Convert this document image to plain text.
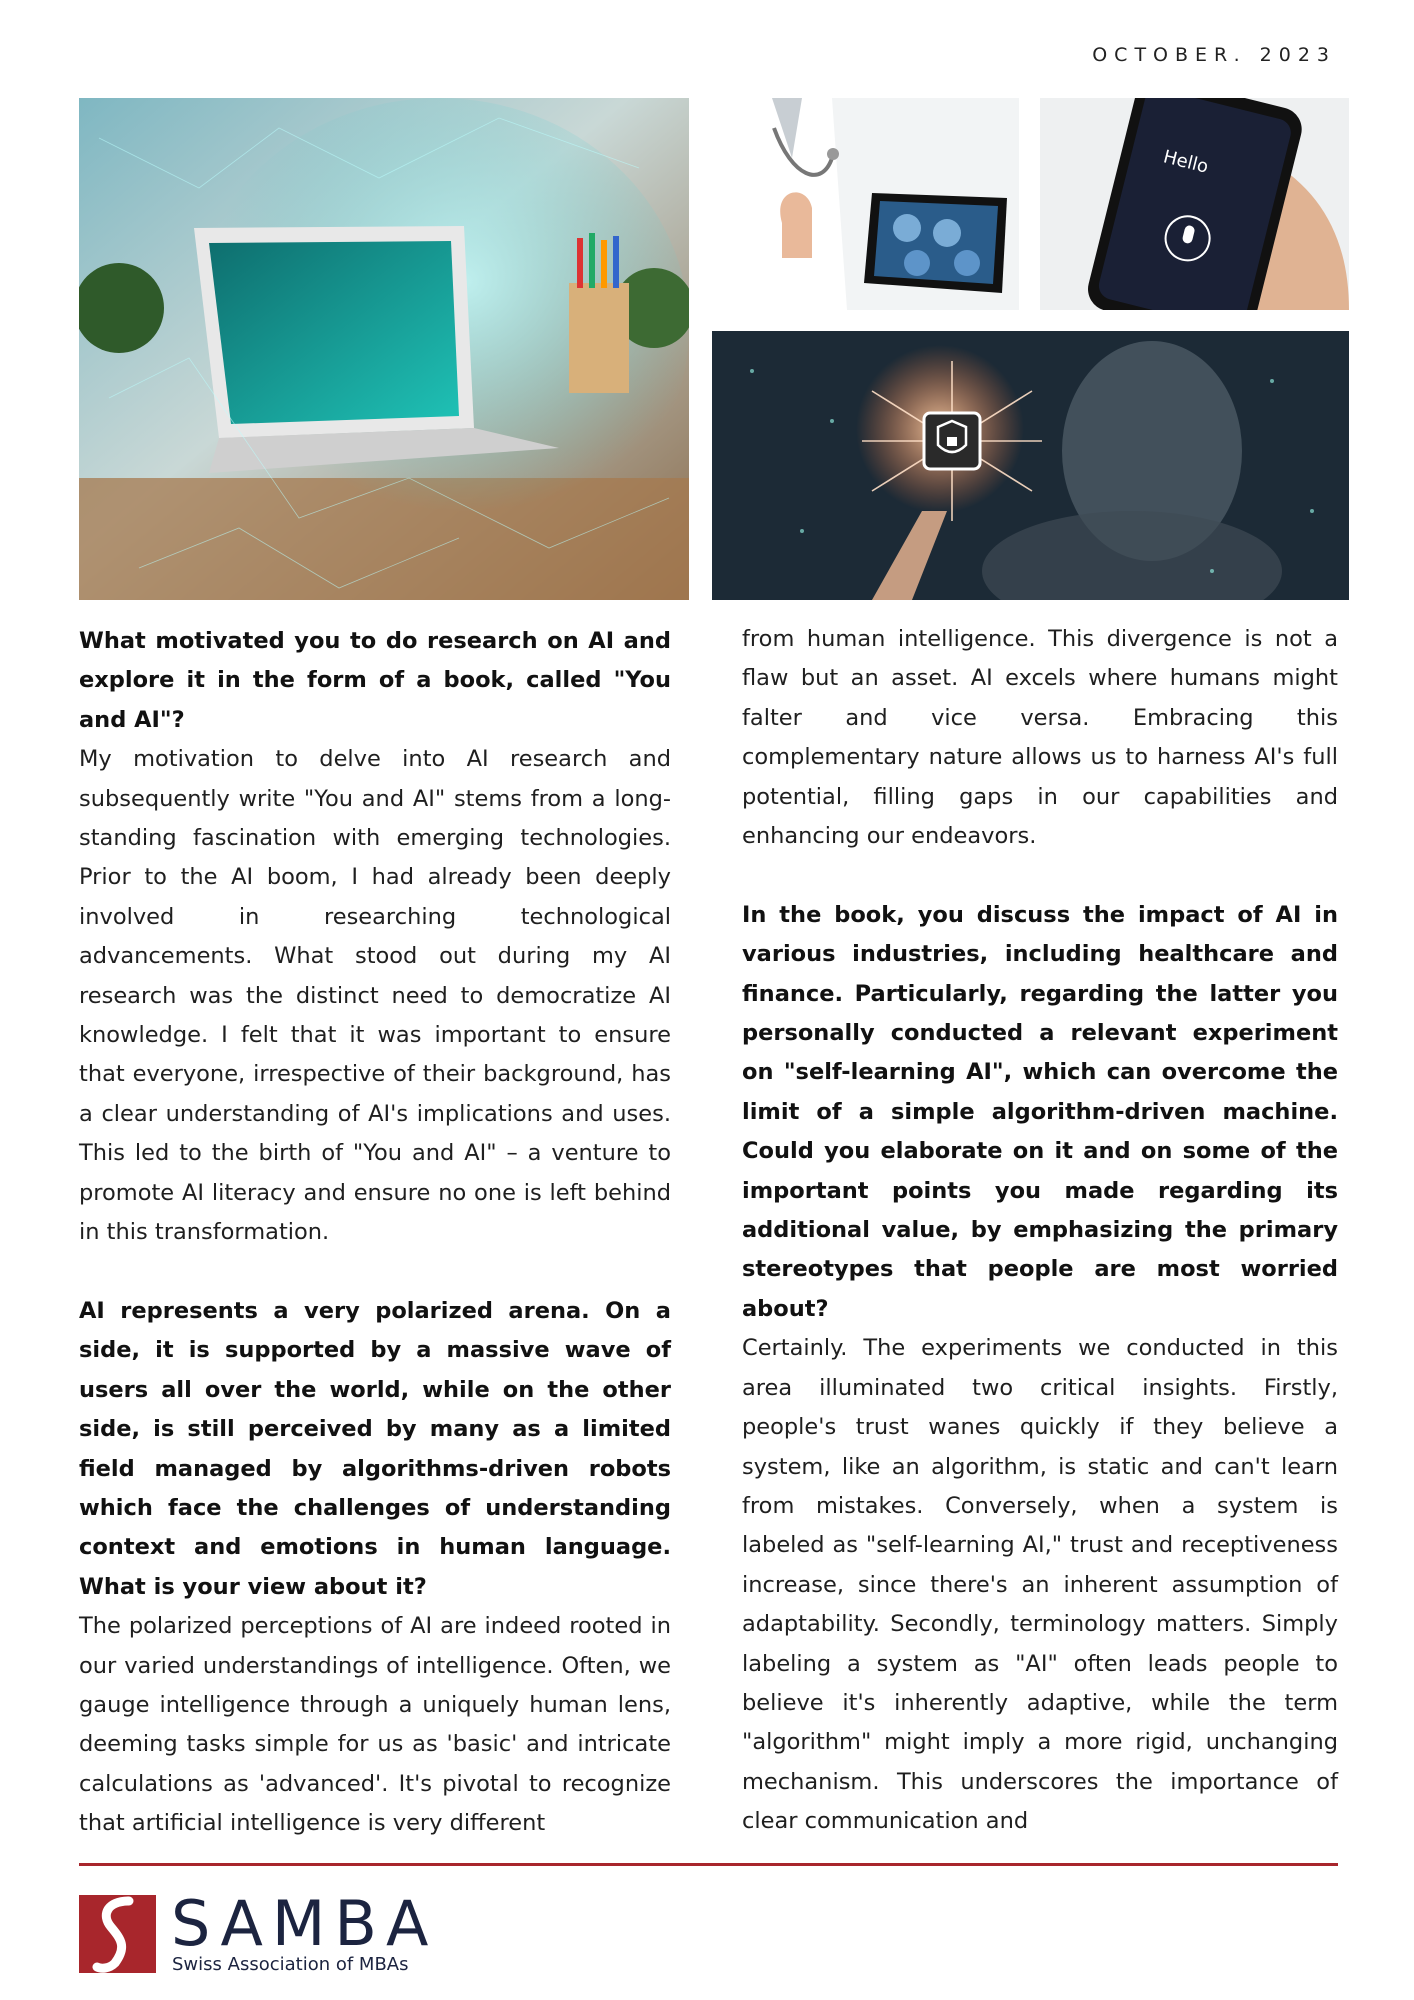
OCTOBER. 2023
Hello

What motivated you to do research on AI and explore it in the form of a book, called "You and AI"?

My motivation to delve into AI research and subsequently write "You and AI" stems from a long-standing fascination with emerging technologies. Prior to the AI boom, I had already been deeply involved in researching technological advancements. What stood out during my AI research was the distinct need to democratize AI knowledge. I felt that it was important to ensure that everyone, irrespective of their background, has a clear understanding of AI's implications and uses. This led to the birth of "You and AI" – a venture to promote AI literacy and ensure no one is left behind in this transformation.

AI represents a very polarized arena. On a side, it is supported by a massive wave of users all over the world, while on the other side, is still perceived by many as a limited field managed by algorithms-driven robots which face the challenges of understanding context and emotions in human language. What is your view about it?

The polarized perceptions of AI are indeed rooted in our varied understandings of intelligence. Often, we gauge intelligence through a uniquely human lens, deeming tasks simple for us as 'basic' and intricate calculations as 'advanced'. It's pivotal to recognize that artificial intelligence is very different

from human intelligence. This divergence is not a flaw but an asset. AI excels where humans might falter and vice versa. Embracing this complementary nature allows us to harness AI's full potential, filling gaps in our capabilities and enhancing our endeavors.

In the book, you discuss the impact of AI in various industries, including healthcare and finance. Particularly, regarding the latter you personally conducted a relevant experiment on "self-learning AI", which can overcome the limit of a simple algorithm-driven machine. Could you elaborate on it and on some of the important points you made regarding its additional value, by emphasizing the primary stereotypes that people are most worried about?

Certainly. The experiments we conducted in this area illuminated two critical insights. Firstly, people's trust wanes quickly if they believe a system, like an algorithm, is static and can't learn from mistakes. Conversely, when a system is labeled as "self-learning AI," trust and receptiveness increase, since there's an inherent assumption of adaptability. Secondly, terminology matters. Simply labeling a system as "AI" often leads people to believe it's inherently adaptive, while the term "algorithm" might imply a more rigid, unchanging mechanism. This underscores the importance of clear communication and

SAMBA
Swiss Association of MBAs
